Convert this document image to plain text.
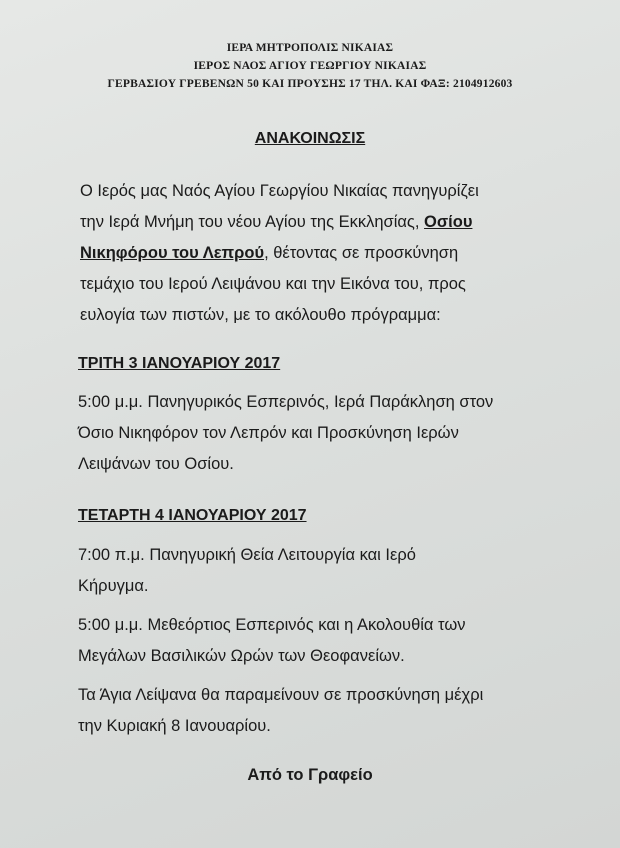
ΙΕΡΑ ΜΗΤΡΟΠΟΛΙΣ ΝΙΚΑΙΑΣ
ΙΕΡΟΣ ΝΑΟΣ ΑΓΙΟΥ ΓΕΩΡΓΙΟΥ ΝΙΚΑΙΑΣ
ΓΕΡΒΑΣΙΟΥ ΓΡΕΒΕΝΩΝ 50 ΚΑΙ ΠΡΟΥΣΗΣ 17 ΤΗΛ. ΚΑΙ ΦΑΞ: 2104912603
ΑΝΑΚΟΙΝΩΣΙΣ
Ο Ιερός μας Ναός Αγίου Γεωργίου Νικαίας πανηγυρίζει
την Ιερά Μνήμη του νέου Αγίου της Εκκλησίας, Οσίου
Νικηφόρου του Λεπρού, θέτοντας σε προσκύνηση
τεμάχιο του Ιερού Λειψάνου και την Εικόνα του, προς
ευλογία των πιστών, με το ακόλουθο πρόγραμμα:
ΤΡΙΤΗ 3 ΙΑΝΟΥΑΡΙΟΥ 2017
5:00 μ.μ. Πανηγυρικός Εσπερινός, Ιερά Παράκληση στον
Όσιο Νικηφόρον τον Λεπρόν και Προσκύνηση Ιερών
Λειψάνων του Οσίου.
ΤΕΤΑΡΤΗ 4 ΙΑΝΟΥΑΡΙΟΥ 2017
7:00 π.μ. Πανηγυρική Θεία Λειτουργία και Ιερό
Κήρυγμα.
5:00 μ.μ. Μεθεόρτιος Εσπερινός και η Ακολουθία των
Μεγάλων Βασιλικών Ωρών των Θεοφανείων.
Τα Άγια Λείψανα θα παραμείνουν σε προσκύνηση μέχρι
την Κυριακή 8 Ιανουαρίου.
Από το Γραφείο
